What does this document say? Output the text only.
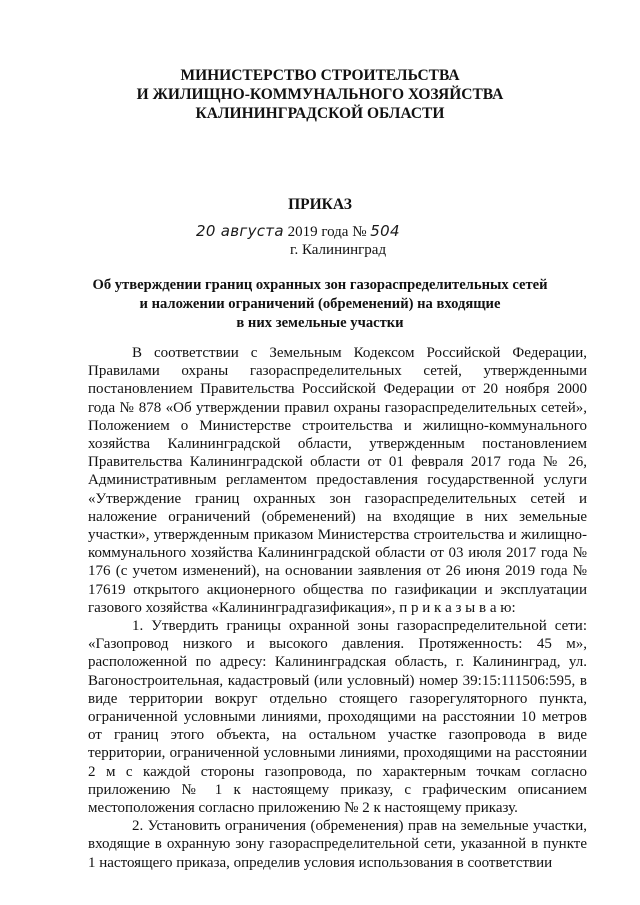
МИНИСТЕРСТВО СТРОИТЕЛЬСТВА
И ЖИЛИЩНО-КОММУНАЛЬНОГО ХОЗЯЙСТВА
КАЛИНИНГРАДСКОЙ ОБЛАСТИ
ПРИКАЗ
20 августа 2019 года № 504
г. Калининград
Об утверждении границ охранных зон газораспределительных сетей
и наложении ограничений (обременений) на входящие
в них земельные участки

В соответствии с Земельным Кодексом Российской Федерации, Правилами охраны газораспределительных сетей, утвержденными постановлением Правительства Российской Федерации от 20 ноября 2000 года № 878 «Об утверждении правил охраны газораспределительных сетей», Положением о Министерстве строительства и жилищно-коммунального хозяйства Калининградской области, утвержденным постановлением Правительства Калининградской области от 01 февраля 2017 года № 26, Административным регламентом предоставления государственной услуги «Утверждение границ охранных зон газораспределительных сетей и наложение ограничений (обременений) на входящие в них земельные участки», утвержденным приказом Министерства строительства и жилищно-коммунального хозяйства Калининградской области от 03 июля 2017 года № 176 (с учетом изменений), на основании заявления от 26 июня 2019 года № 17619 открытого акционерного общества по газификации и эксплуатации газового хозяйства «Калининградгазификация», п р и к а з ы в а ю:

1. Утвердить границы охранной зоны газораспределительной сети: «Газопровод низкого и высокого давления. Протяженность: 45 м», расположенной по адресу: Калининградская область, г. Калининград, ул. Вагоностроительная, кадастровый (или условный) номер 39:15:111506:595, в виде территории вокруг отдельно стоящего газорегуляторного пункта, ограниченной условными линиями, проходящими на расстоянии 10 метров от границ этого объекта, на остальном участке газопровода в виде территории, ограниченной условными линиями, проходящими на расстоянии 2 м с каждой стороны газопровода, по характерным точкам согласно приложению № 1 к настоящему приказу, с графическим описанием местоположения согласно приложению № 2 к настоящему приказу.

2. Установить ограничения (обременения) прав на земельные участки, входящие в охранную зону газораспределительной сети, указанной в пункте 1 настоящего приказа, определив условия использования в соответствии
